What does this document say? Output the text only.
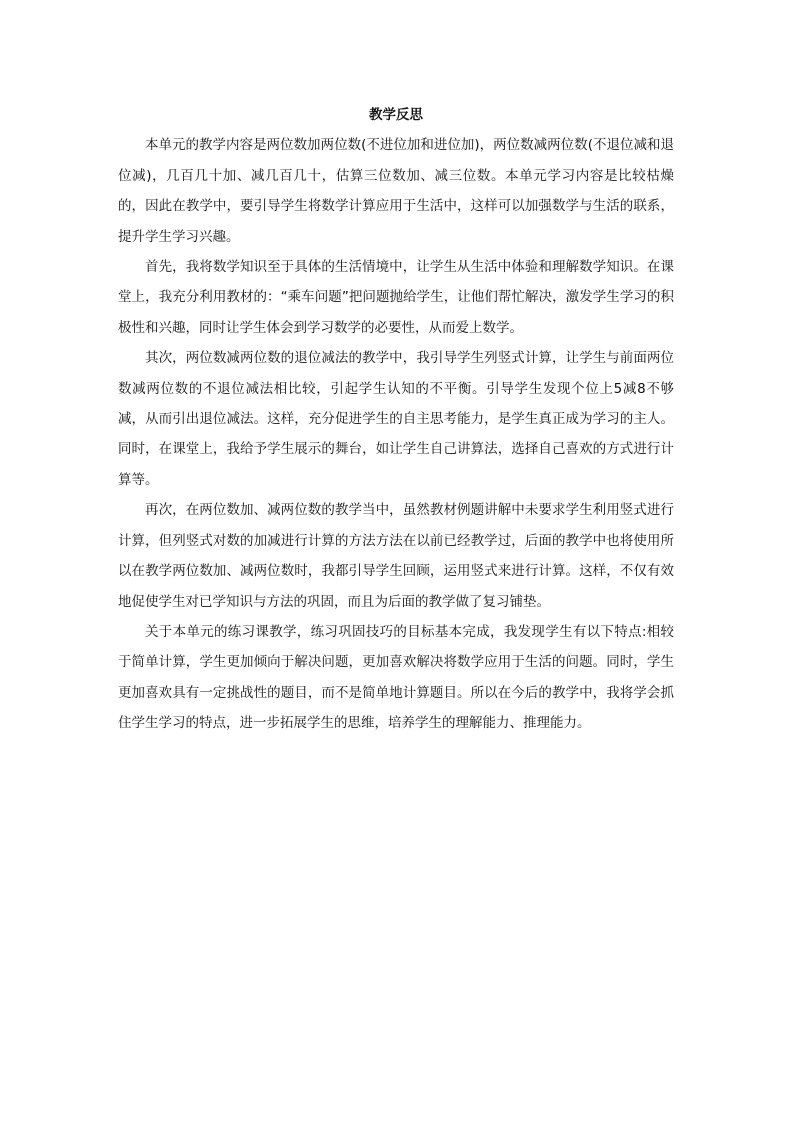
教学反思

本单元的教学内容是两位数加两位数(不进位加和进位加)，两位数减两位数(不退位减和退位减)，几百几十加、减几百几十，估算三位数加、减三位数。本单元学习内容是比较枯燥的，因此在教学中，要引导学生将数学计算应用于生活中，这样可以加强数学与生活的联系，提升学生学习兴趣。

首先，我将数学知识至于具体的生活情境中，让学生从生活中体验和理解数学知识。在课堂上，我充分利用教材的：“乘车问题”把问题抛给学生，让他们帮忙解决，激发学生学习的积极性和兴趣，同时让学生体会到学习数学的必要性，从而爱上数学。

其次，两位数减两位数的退位减法的教学中，我引导学生列竖式计算，让学生与前面两位数减两位数的不退位减法相比较，引起学生认知的不平衡。引导学生发现个位上5减8不够减，从而引出退位减法。这样，充分促进学生的自主思考能力，是学生真正成为学习的主人。同时，在课堂上，我给予学生展示的舞台，如让学生自己讲算法，选择自己喜欢的方式进行计算等。

再次，在两位数加、减两位数的教学当中，虽然教材例题讲解中未要求学生利用竖式进行计算，但列竖式对数的加减进行计算的方法方法在以前已经教学过，后面的教学中也将使用所以在教学两位数加、减两位数时，我都引导学生回顾，运用竖式来进行计算。这样，不仅有效地促使学生对已学知识与方法的巩固，而且为后面的教学做了复习铺垫。

关于本单元的练习课教学，练习巩固技巧的目标基本完成，我发现学生有以下特点:相较于简单计算，学生更加倾向于解决问题，更加喜欢解决将数学应用于生活的问题。同时，学生更加喜欢具有一定挑战性的题目，而不是简单地计算题目。所以在今后的教学中，我将学会抓住学生学习的特点，进一步拓展学生的思维，培养学生的理解能力、推理能力。
